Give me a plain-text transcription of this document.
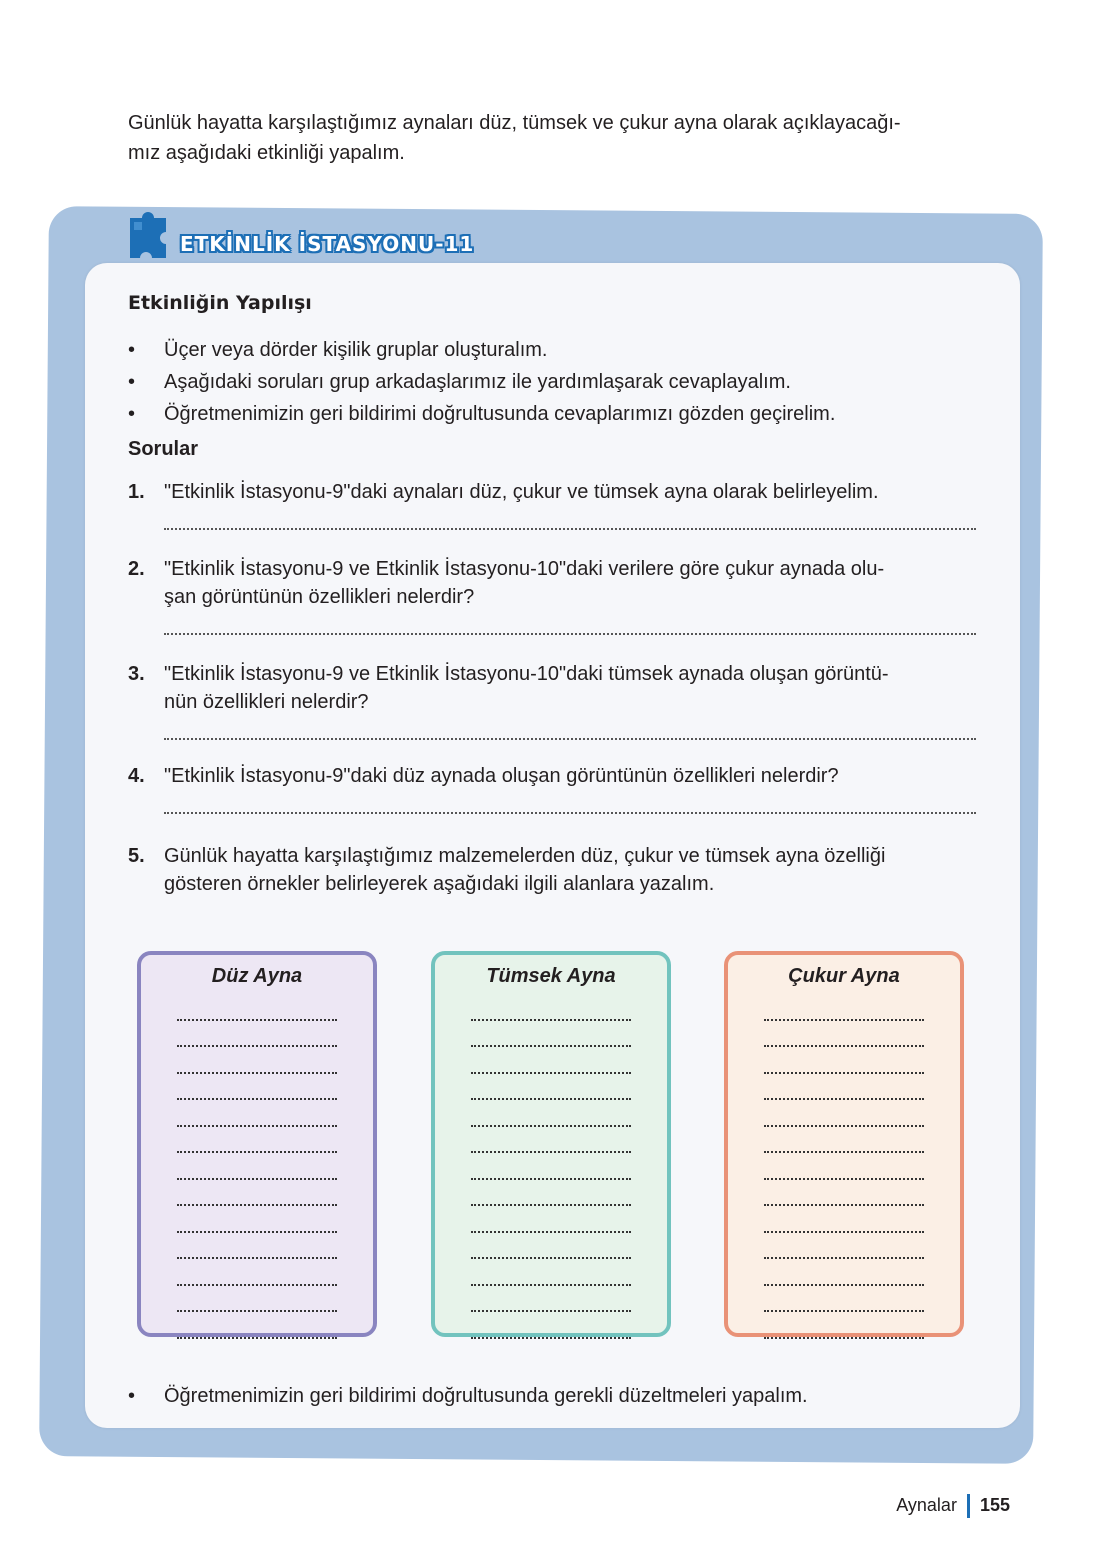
Günlük hayatta karşılaştığımız aynaları düz, tümsek ve çukur ayna olarak açıklayacağı-
mız aşağıdaki etkinliği yapalım.

ETKİNLİK İSTASYONU-11
Etkinliğin Yapılışı
• Üçer veya dörder kişilik gruplar oluşturalım.
• Aşağıdaki soruları grup arkadaşlarımız ile yardımlaşarak cevaplayalım.
• Öğretmenimizin geri bildirimi doğrultusunda cevaplarımızı gözden geçirelim.
Sorular
1. "Etkinlik İstasyonu-9"daki aynaları düz, çukur ve tümsek ayna olarak belirleyelim.
2. "Etkinlik İstasyonu-9 ve Etkinlik İstasyonu-10"daki verilere göre çukur aynada olu-
şan görüntünün özellikleri nelerdir?
3. "Etkinlik İstasyonu-9 ve Etkinlik İstasyonu-10"daki tümsek aynada oluşan görüntü-
nün özellikleri nelerdir?
4. "Etkinlik İstasyonu-9"daki düz aynada oluşan görüntünün özellikleri nelerdir?
5. Günlük hayatta karşılaştığımız malzemelerden düz, çukur ve tümsek ayna özelliği
gösteren örnekler belirleyerek aşağıdaki ilgili alanlara yazalım.
Düz Ayna	Tümsek Ayna	Çukur Ayna
• Öğretmenimizin geri bildirimi doğrultusunda gerekli düzeltmeleri yapalım.
Aynalar 155
